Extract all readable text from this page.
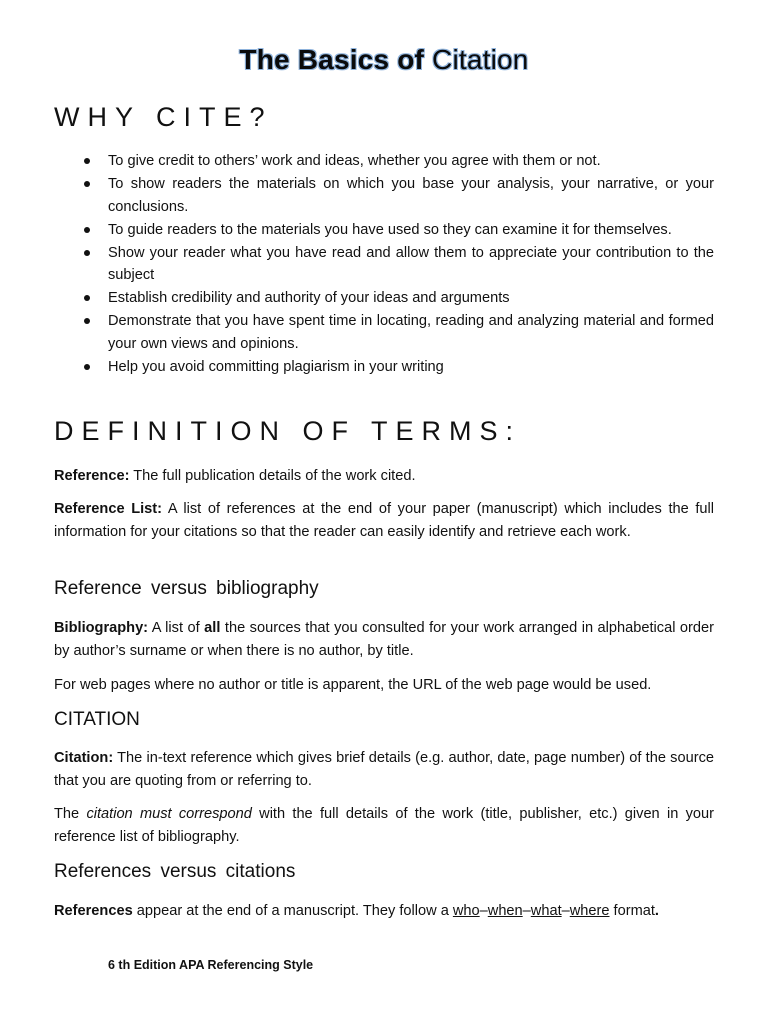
The Basics of Citation
WHY CITE?
To give credit to others’ work and ideas, whether you agree with them or not.
To show readers the materials on which you base your analysis, your narrative, or your conclusions.
To guide readers to the materials you have used so they can examine it for themselves.
Show your reader what you have read and allow them to appreciate your contribution to the subject
Establish credibility and authority of your ideas and arguments
Demonstrate that you have spent time in locating, reading and analyzing material and formed your own views and opinions.
Help you avoid committing plagiarism in your writing
DEFINITION OF TERMS:

Reference: The full publication details of the work cited.

Reference List: A list of references at the end of your paper (manuscript) which includes the full information for your citations so that the reader can easily identify and retrieve each work.

Reference versus bibliography

Bibliography: A list of all the sources that you consulted for your work arranged in alphabetical order by author’s surname or when there is no author, by title.

For web pages where no author or title is apparent, the URL of the web page would be used.

CITATION

Citation: The in-text reference which gives brief details (e.g. author, date, page number) of the source that you are quoting from or referring to.

The citation must correspond with the full details of the work (title, publisher, etc.) given in your reference list of bibliography.

References versus citations

References appear at the end of a manuscript. They follow a who–when–what–where format.

6 th Edition APA Referencing Style
